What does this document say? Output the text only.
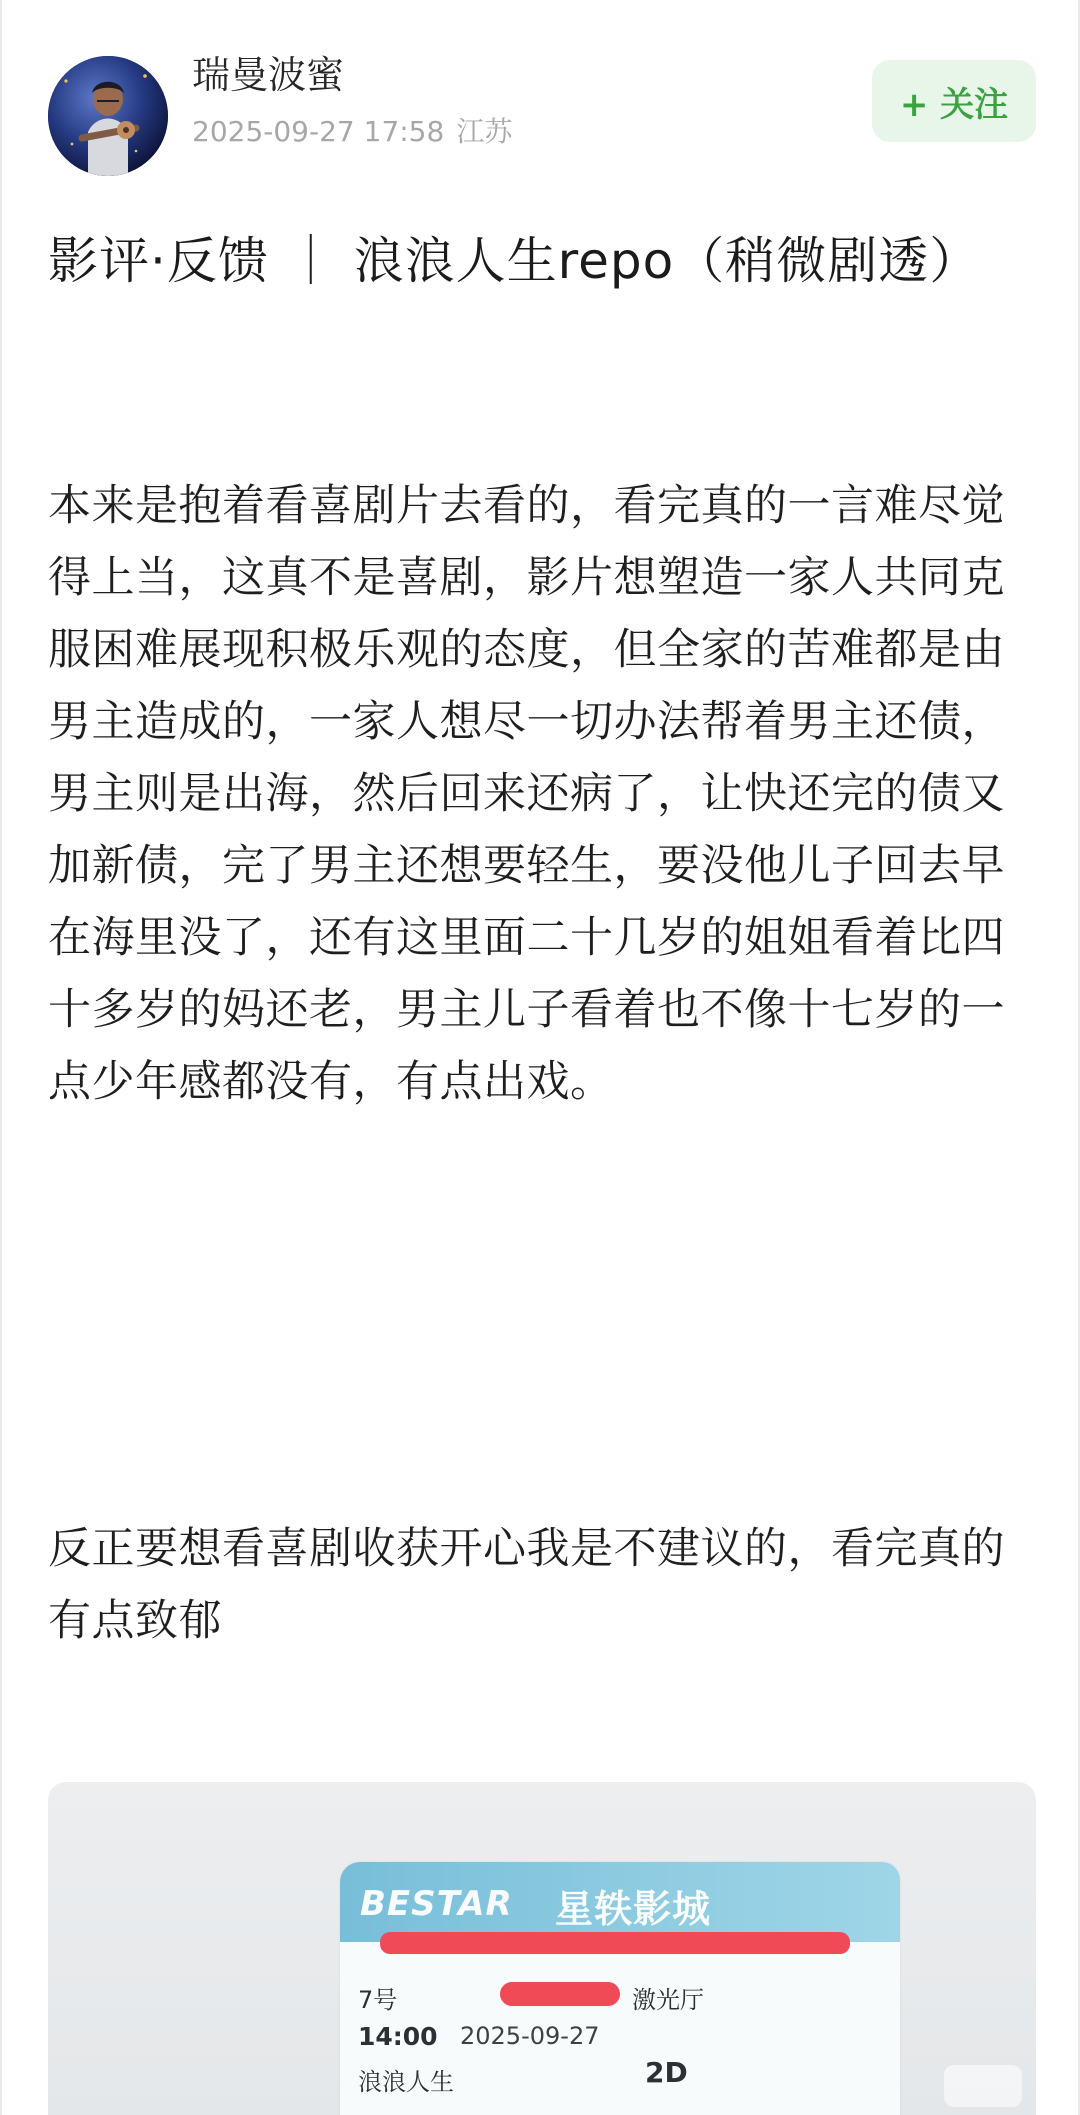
瑞曼波蜜
2025-09-27 17:58 江苏
+ 关注
影评·反馈 ｜ 浪浪人生repo（稍微剧透）

本来是抱着看喜剧片去看的，看完真的一言难尽觉得上当，这真不是喜剧，影片想塑造一家人共同克服困难展现积极乐观的态度，但全家的苦难都是由男主造成的，一家人想尽一切办法帮着男主还债，男主则是出海，然后回来还病了，让快还完的债又加新债，完了男主还想要轻生，要没他儿子回去早在海里没了，还有这里面二十几岁的姐姐看着比四十多岁的妈还老，男主儿子看着也不像十七岁的一点少年感都没有，有点出戏。

反正要想看喜剧收获开心我是不建议的，看完真的有点致郁
BESTAR 星轶影城
7号	激光厅
14:00 2025-09-27
浪浪人生	2D
